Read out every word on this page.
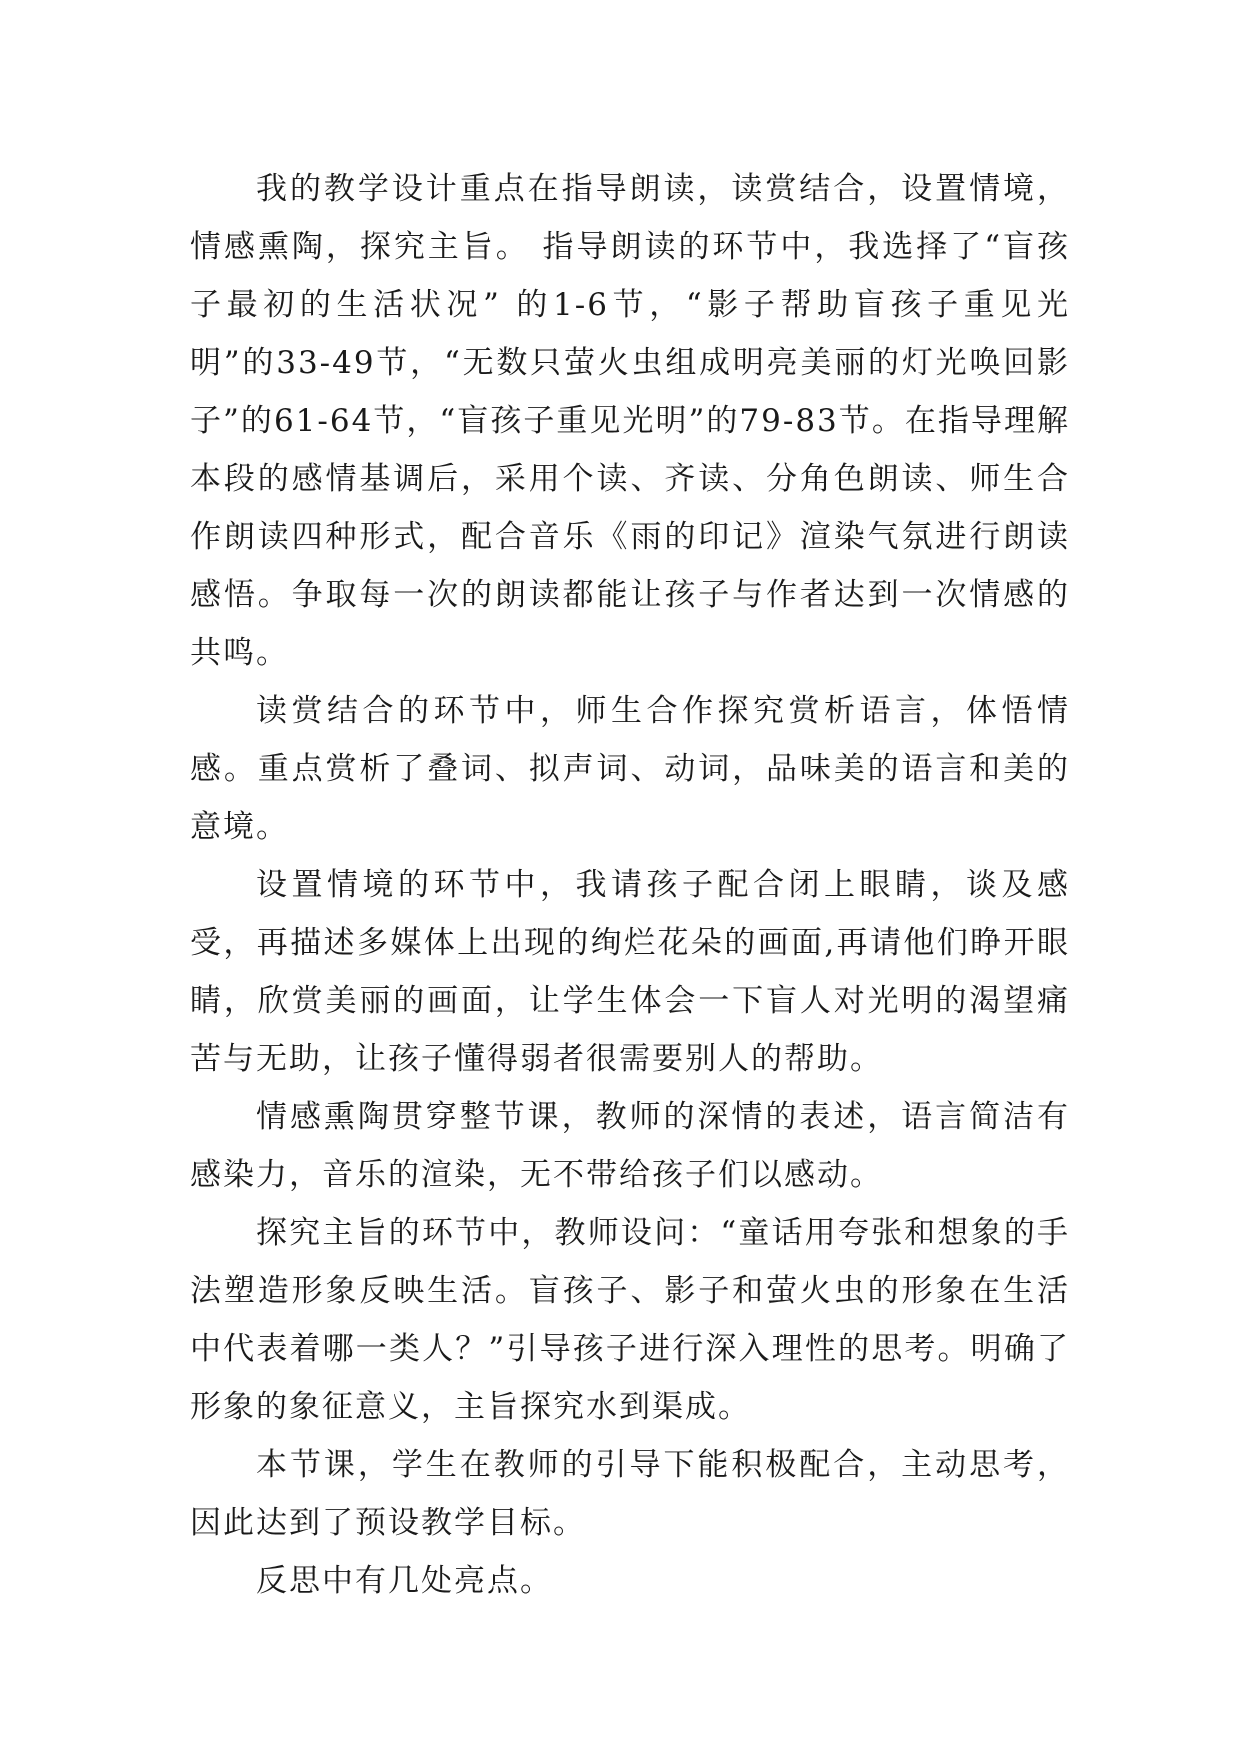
我的教学设计重点在指导朗读，读赏结合，设置情境，情感熏陶，探究主旨。 指导朗读的环节中，我选择了“盲孩子最初的生活状况” 的1-6节，“影子帮助盲孩子重见光明”的33-49节，“无数只萤火虫组成明亮美丽的灯光唤回影子”的61-64节，“盲孩子重见光明”的79-83节。在指导理解本段的感情基调后，采用个读、齐读、分角色朗读、师生合作朗读四种形式，配合音乐《雨的印记》渲染气氛进行朗读感悟。争取每一次的朗读都能让孩子与作者达到一次情感的共鸣。

读赏结合的环节中，师生合作探究赏析语言，体悟情感。重点赏析了叠词、拟声词、动词，品味美的语言和美的意境。

设置情境的环节中，我请孩子配合闭上眼睛，谈及感受，再描述多媒体上出现的绚烂花朵的画面,再请他们睁开眼睛，欣赏美丽的画面，让学生体会一下盲人对光明的渴望痛苦与无助，让孩子懂得弱者很需要别人的帮助。

情感熏陶贯穿整节课，教师的深情的表述，语言简洁有感染力，音乐的渲染，无不带给孩子们以感动。

探究主旨的环节中，教师设问：“童话用夸张和想象的手法塑造形象反映生活。盲孩子、影子和萤火虫的形象在生活中代表着哪一类人？”引导孩子进行深入理性的思考。明确了形象的象征意义，主旨探究水到渠成。

本节课，学生在教师的引导下能积极配合，主动思考，因此达到了预设教学目标。

反思中有几处亮点。
